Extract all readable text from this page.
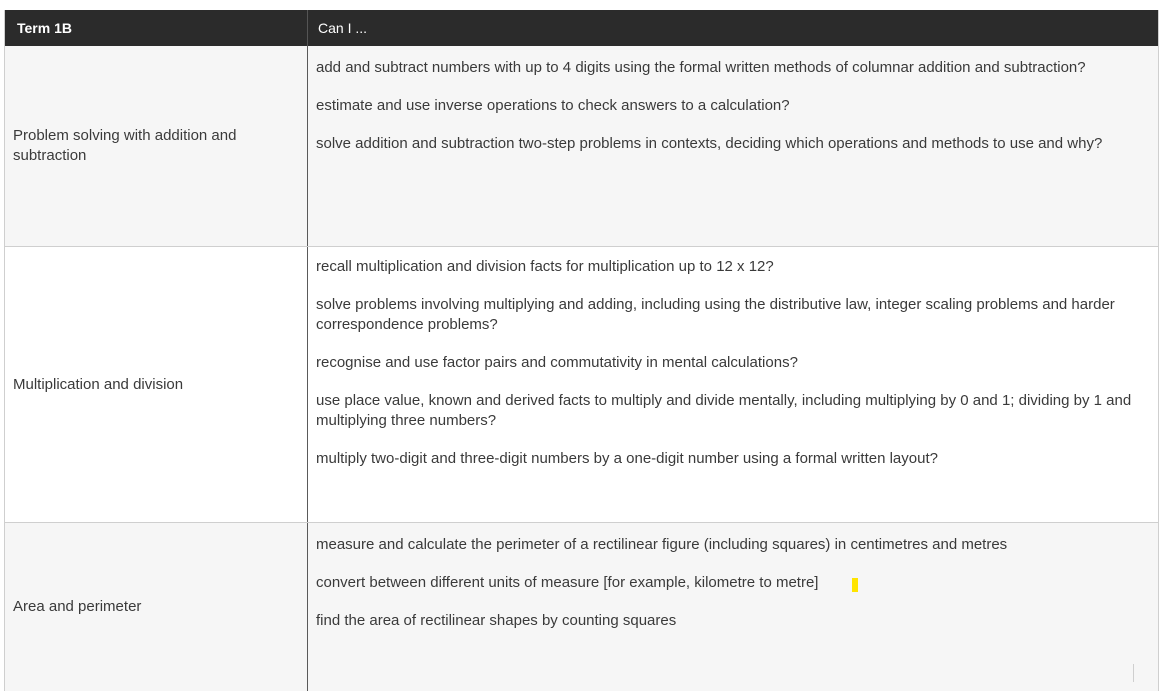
Term 1B	Can I ...
Problem solving with addition and subtraction

add and subtract numbers with up to 4 digits using the formal written methods of columnar addition and subtraction?

estimate and use inverse operations to check answers to a calculation?

solve addition and subtraction two-step problems in contexts, deciding which operations and methods to use and why?

Multiplication and division

recall multiplication and division facts for multiplication up to 12 x 12?

solve problems involving multiplying and adding, including using the distributive law, integer scaling problems and harder correspondence problems?

recognise and use factor pairs and commutativity in mental calculations?

use place value, known and derived facts to multiply and divide mentally, including multiplying by 0 and 1; dividing by 1 and multiplying three numbers?

multiply two-digit and three-digit numbers by a one-digit number using a formal written layout?

Area and perimeter

measure and calculate the perimeter of a rectilinear figure (including squares) in centimetres and metres

convert between different units of measure [for example, kilometre to metre]

find the area of rectilinear shapes by counting squares
